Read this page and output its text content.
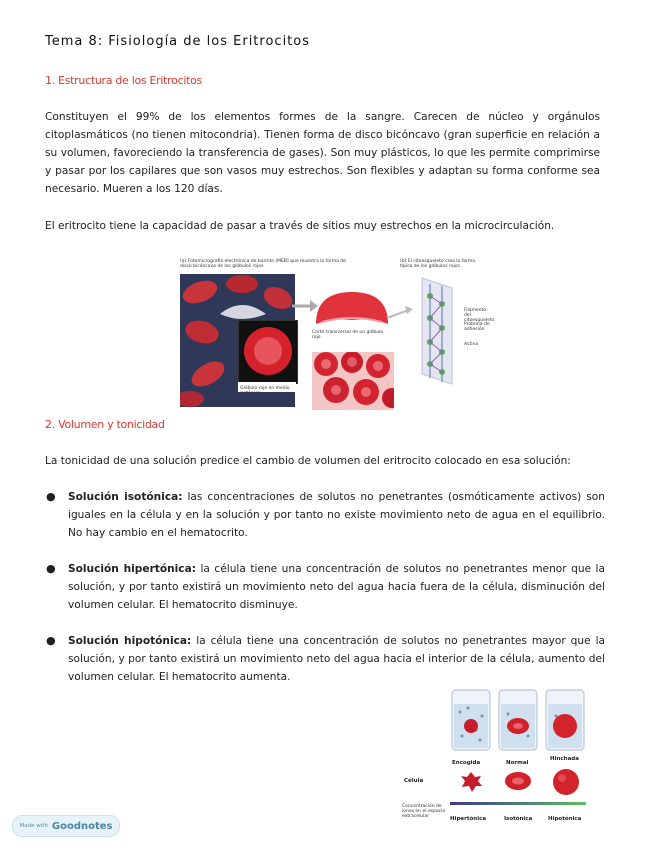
Tema 8: Fisiología de los Eritrocitos
1. Estructura de los Eritrocitos
Constituyen el 99% de los elementos formes de la sangre. Carecen de núcleo y orgánulos citoplasmáticos (no tienen mitocondria). Tienen forma de disco bicóncavo (gran superficie en relación a su volumen, favoreciendo la transferencia de gases). Son muy plásticos, lo que les permite comprimirse y pasar por los capilares que son vasos muy estrechos. Son flexibles y adaptan su forma conforme sea necesario. Mueren a los 120 días.
El eritrocito tiene la capacidad de pasar a través de sitios muy estrechos en la microcirculación.
(a) Fotomicrografía electrónica de barrido (MEB) que muestra la forma de disco bicóncavo de los glóbulos rojos.
(b) El citoesqueleto crea la forma típica de los glóbulos rojos.
Glóbulo rojo en medio isotónico
Corte transversal de un glóbulo rojo
Filamento del citoesqueleto
Proteína de adhesión
Actina
2. Volumen y tonicidad
La tonicidad de una solución predice el cambio de volumen del eritrocito colocado en esa solución:
● Solución isotónica: las concentraciones de solutos no penetrantes (osmóticamente activos) son iguales en la célula y en la solución y por tanto no existe movimiento neto de agua en el equilibrio. No hay cambio en el hematocrito.
● Solución hipertónica: la célula tiene una concentración de solutos no penetrantes menor que la solución, y por tanto existirá un movimiento neto del agua hacia fuera de la célula, disminución del volumen celular. El hematocrito disminuye.
● Solución hipotónica: la célula tiene una concentración de solutos no penetrantes mayor que la solución, y por tanto existirá un movimiento neto del agua hacia el interior de la célula, aumento del volumen celular. El hematocrito aumenta.
Encogida	Normal
Hinchada
Célula
Concentración de iones en el espacio extracelular	Hipertónica	Isotónica	Hipotónica
Made with Goodnotes
